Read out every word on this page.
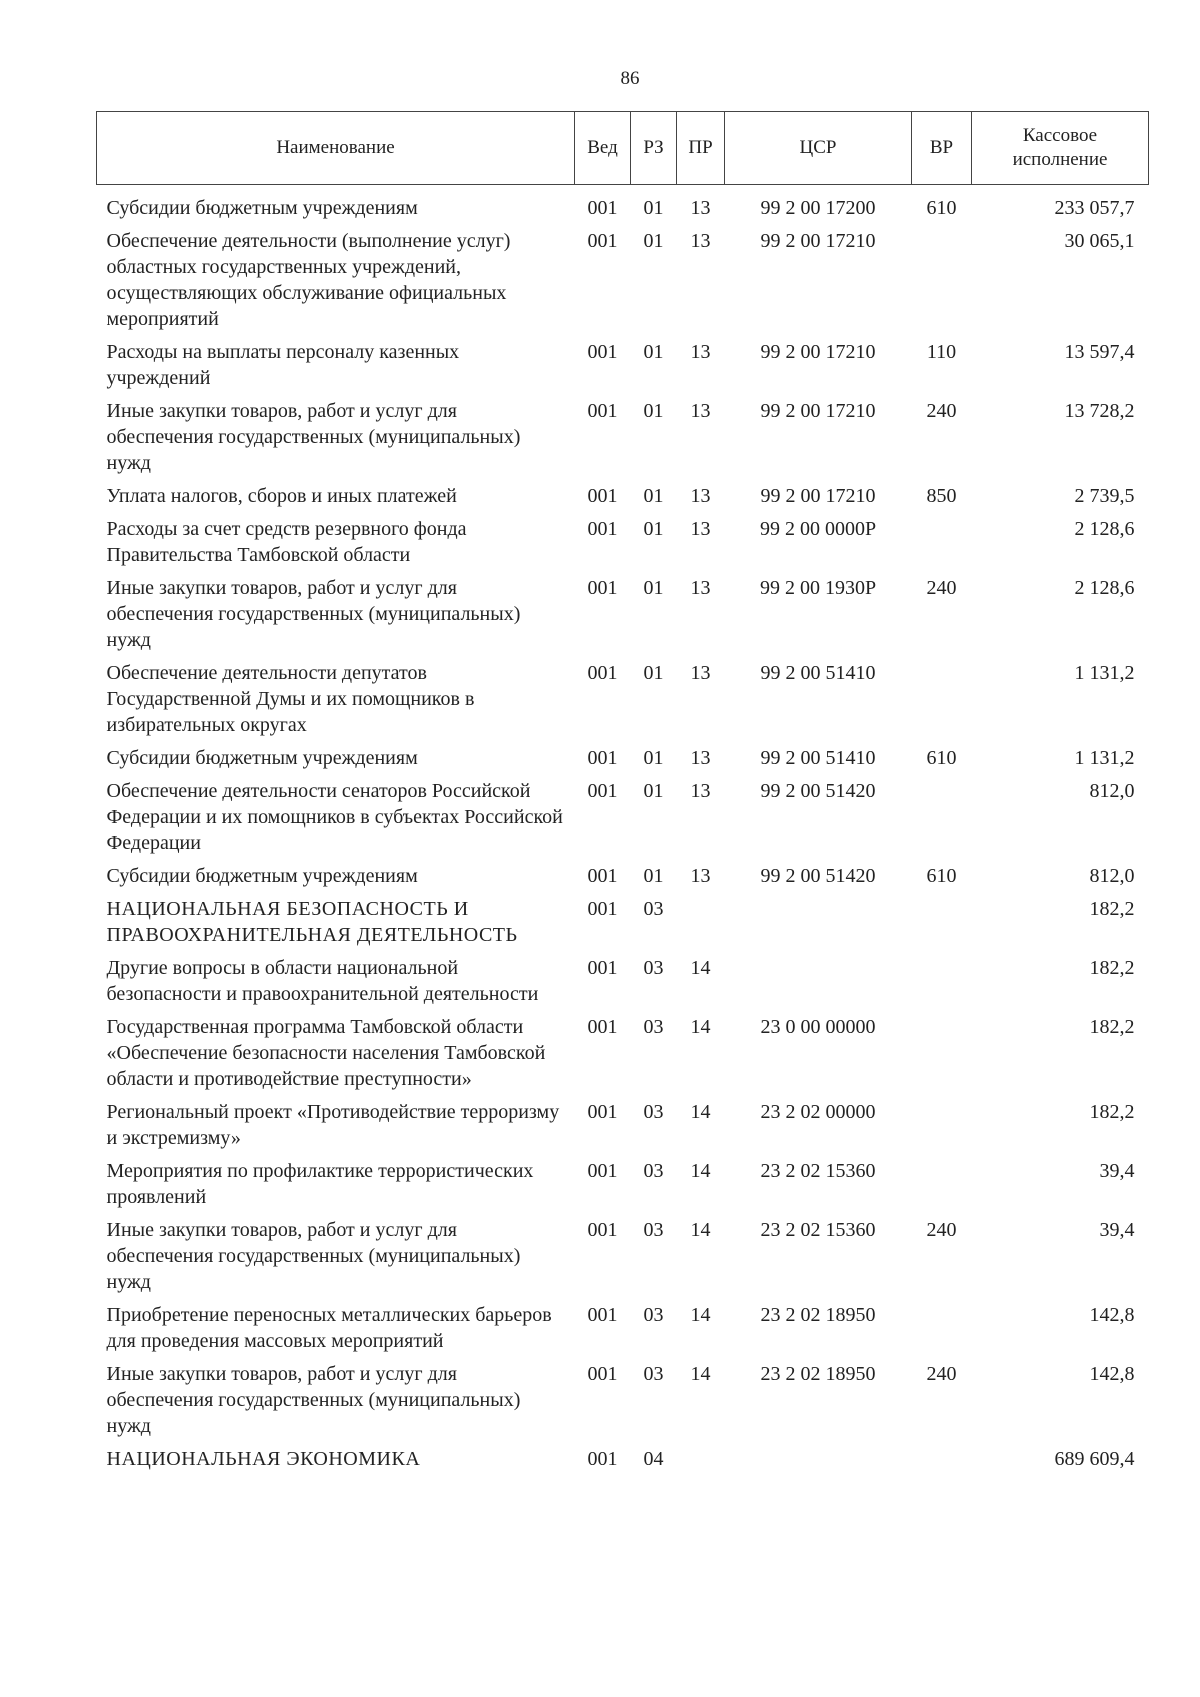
86
Наименование	Вед	РЗ	ПР	ЦСР	ВР	Кассовое исполнение
Субсидии бюджетным учреждениям	001	01	13	99 2 00 17200	610	233 057,7
Обеспечение деятельности (выполнение услуг) областных государственных учреждений, осуществляющих обслуживание официальных мероприятий	001	01	13	99 2 00 17210		30 065,1
Расходы на выплаты персоналу казенных учреждений	001	01	13	99 2 00 17210	110	13 597,4
Иные закупки товаров, работ и услуг для обеспечения государственных (муниципальных) нужд	001	01	13	99 2 00 17210	240	13 728,2
Уплата налогов, сборов и иных платежей	001	01	13	99 2 00 17210	850	2 739,5
Расходы за счет средств резервного фонда Правительства Тамбовской области	001	01	13	99 2 00 0000Р		2 128,6
Иные закупки товаров, работ и услуг для обеспечения государственных (муниципальных) нужд	001	01	13	99 2 00 1930Р	240	2 128,6
Обеспечение деятельности депутатов Государственной Думы и их помощников в избирательных округах	001	01	13	99 2 00 51410		1 131,2
Субсидии бюджетным учреждениям	001	01	13	99 2 00 51410	610	1 131,2
Обеспечение деятельности сенаторов Российской Федерации и их помощников в субъектах Российской Федерации	001	01	13	99 2 00 51420		812,0
Субсидии бюджетным учреждениям	001	01	13	99 2 00 51420	610	812,0
НАЦИОНАЛЬНАЯ БЕЗОПАСНОСТЬ И ПРАВООХРАНИТЕЛЬНАЯ ДЕЯТЕЛЬНОСТЬ	001	03				182,2
Другие вопросы в области национальной безопасности и правоохранительной деятельности	001	03	14			182,2
Государственная программа Тамбовской области «Обеспечение безопасности населения Тамбовской области и противодействие преступности»	001	03	14	23 0 00 00000		182,2
Региональный проект «Противодействие терроризму и экстремизму»	001	03	14	23 2 02 00000		182,2
Мероприятия по профилактике террористических проявлений	001	03	14	23 2 02 15360		39,4
Иные закупки товаров, работ и услуг для обеспечения государственных (муниципальных) нужд	001	03	14	23 2 02 15360	240	39,4
Приобретение переносных металлических барьеров для проведения массовых мероприятий	001	03	14	23 2 02 18950		142,8
Иные закупки товаров, работ и услуг для обеспечения государственных (муниципальных) нужд	001	03	14	23 2 02 18950	240	142,8
НАЦИОНАЛЬНАЯ ЭКОНОМИКА	001	04				689 609,4
